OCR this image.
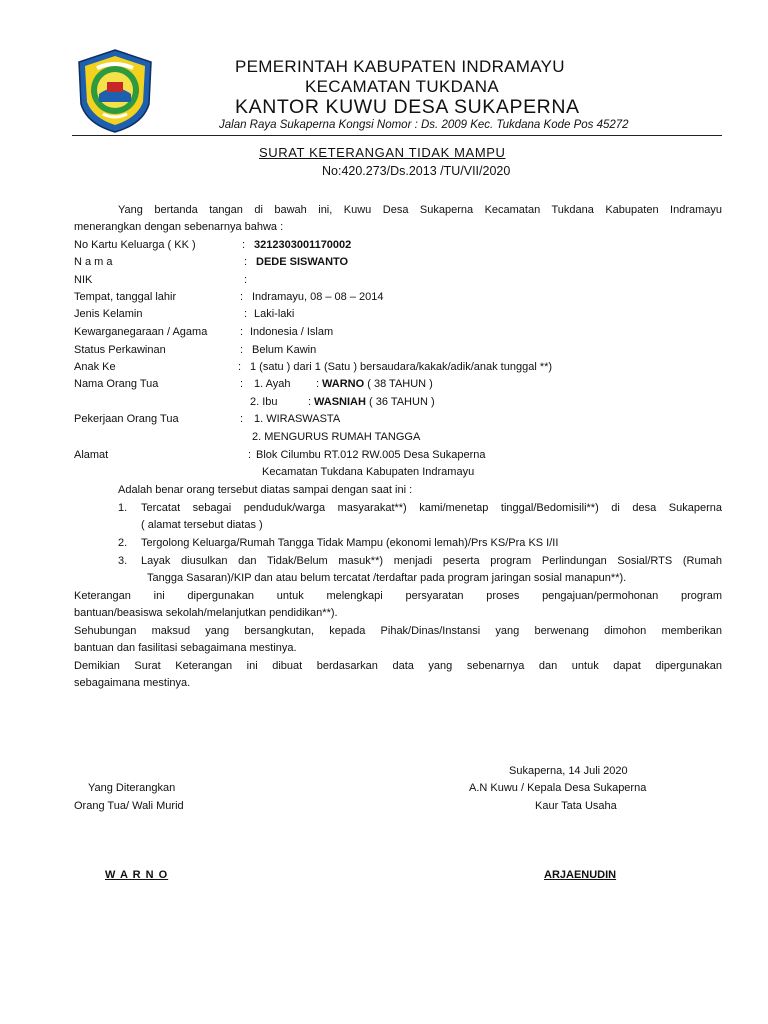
PEMERINTAH KABUPATEN INDRAMAYU
KECAMATAN TUKDANA
KANTOR KUWU DESA SUKAPERNA
Jalan Raya Sukaperna Kongsi Nomor : Ds. 2009 Kec. Tukdana Kode Pos 45272
SURAT KETERANGAN TIDAK MAMPU
No:420.273/Ds.2013 /TU/VII/2020
Yang bertanda tangan di bawah ini, Kuwu Desa Sukaperna Kecamatan Tukdana Kabupaten Indramayu
menerangkan dengan sebenarnya bahwa :
No Kartu Keluarga ( KK )	: 3212303001170002
N a m a	: DEDE SISWANTO
NIK	:
Tempat, tanggal lahir	: Indramayu, 08 – 08 – 2014
Jenis Kelamin	: Laki-laki
Kewarganegaraan / Agama	: Indonesia / Islam
Status Perkawinan	: Belum Kawin
Anak Ke	: 1 (satu ) dari 1 (Satu ) bersaudara/kakak/adik/anak tunggal **)
Nama Orang Tua	: 1. Ayah : WARNO ( 38 TAHUN )
2. Ibu	: WASNIAH ( 36 TAHUN )
Pekerjaan Orang Tua	: 1. WIRASWASTA
2. MENGURUS RUMAH TANGGA
Alamat	: Blok Cilumbu RT.012 RW.005 Desa Sukaperna
Kecamatan Tukdana Kabupaten Indramayu
Adalah benar orang tersebut diatas sampai dengan saat ini :
1. Tercatat sebagai penduduk/warga masyarakat**) kami/menetap tinggal/Bedomisili**) di desa Sukaperna
( alamat tersebut diatas )
2. Tergolong Keluarga/Rumah Tangga Tidak Mampu (ekonomi lemah)/Prs KS/Pra KS I/II
3. Layak diusulkan dan Tidak/Belum masuk**) menjadi peserta program Perlindungan Sosial/RTS (Rumah
Tangga Sasaran)/KIP dan atau belum tercatat /terdaftar pada program jaringan sosial manapun**).
Keterangan ini dipergunakan untuk melengkapi persyaratan proses pengajuan/permohonan program
bantuan/beasiswa sekolah/melanjutkan pendidikan**).
Sehubungan maksud yang bersangkutan, kepada Pihak/Dinas/Instansi yang berwenang dimohon memberikan
bantuan dan fasilitasi sebagaimana mestinya.
Demikian Surat Keterangan ini dibuat berdasarkan data yang sebenarnya dan untuk dapat dipergunakan
sebagaimana mestinya.
Sukaperna, 14 Juli 2020
Yang Diterangkan	A.N Kuwu / Kepala Desa Sukaperna
Orang Tua/ Wali Murid	Kaur Tata Usaha
W A R N O	ARJAENUDIN
